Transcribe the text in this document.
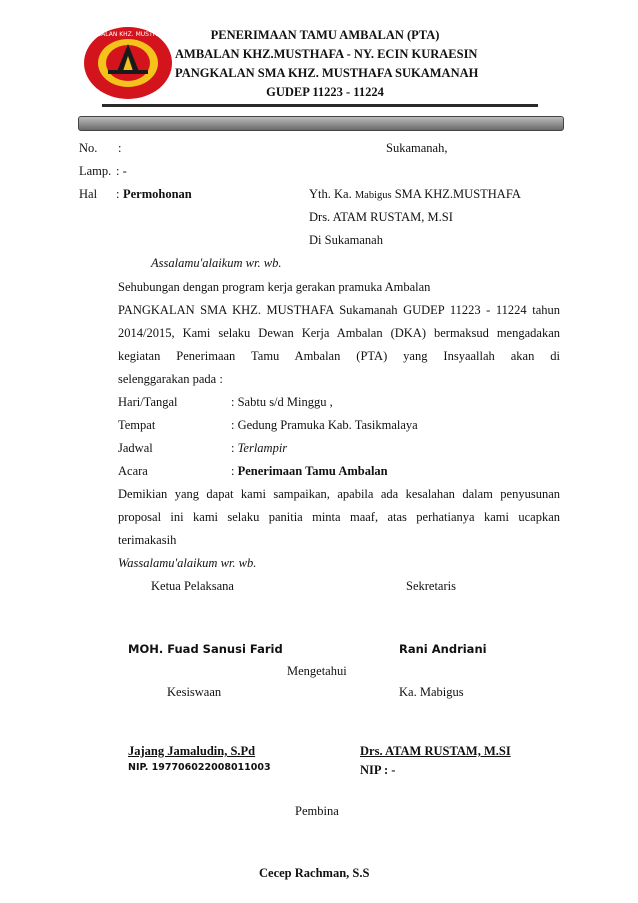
AMBALAN KHZ. MUSTHAFA	PENERIMAAN TAMU AMBALAN (PTA)
AMBALAN KHZ.MUSTHAFA - NY. ECIN KURAESIN
PANGKALAN SMA KHZ. MUSTHAFA SUKAMANAH
GUDEP 11223 - 11224
No. :	Sukamanah,
Lamp. : -
Hal : Permohonan	Yth. Ka. Mabigus SMA KHZ.MUSTHAFA
Drs. ATAM RUSTAM, M.SI
Di Sukamanah
Assalamu'alaikum wr. wb.
Sehubungan dengan program kerja gerakan pramuka Ambalan
PANGKALAN SMA KHZ. MUSTHAFA Sukamanah GUDEP 11223 - 11224 tahun
2014/2015, Kami selaku Dewan Kerja Ambalan (DKA) bermaksud mengadakan
kegiatan Penerimaan Tamu Ambalan (PTA) yang Insyaallah akan di
selenggarakan pada :
Hari/Tangal	: Sabtu s/d Minggu ,
Tempat	: Gedung Pramuka Kab. Tasikmalaya
Jadwal	: Terlampir
Acara	: Penerimaan Tamu Ambalan
Demikian yang dapat kami sampaikan, apabila ada kesalahan dalam penyusunan
proposal ini kami selaku panitia minta maaf, atas perhatianya kami ucapkan
terimakasih
Wassalamu'alaikum wr. wb.
Ketua Pelaksana	Sekretaris
MOH. Fuad Sanusi Farid	Rani Andriani
Mengetahui
Kesiswaan	Ka. Mabigus
Jajang Jamaludin, S.Pd
NIP. 197706022008011003
Drs. ATAM RUSTAM, M.SI
NIP : -
Pembina
Cecep Rachman, S.S
